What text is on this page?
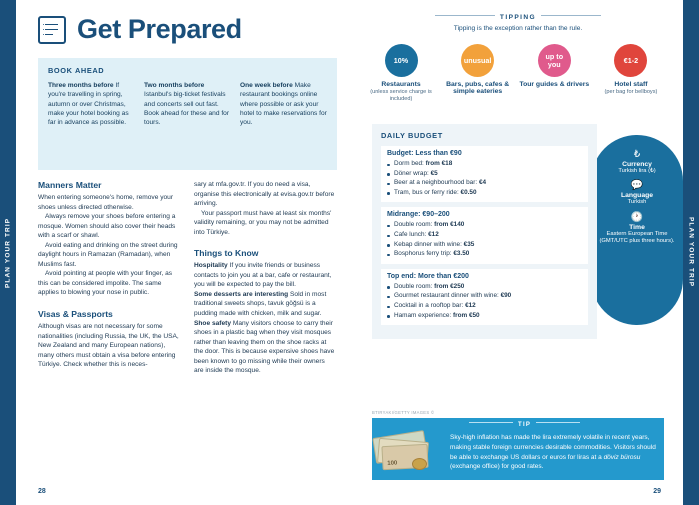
PLAN YOUR TRIP	PLAN YOUR TRIP
Get Prepared
BOOK AHEAD
Three months before If you're travelling in spring, autumn or over Christmas, make your hotel booking as far in advance as possible.
Two months before Istanbul's big-ticket festivals and concerts sell out fast. Book ahead for these and for tours.
One week before Make restaurant bookings online where possible or ask your hotel to make reservations for you.
Manners Matter

When entering someone's home, remove your shoes unless directed otherwise.

Always remove your shoes before entering a mosque. Women should also cover their heads with a scarf or shawl.

Avoid eating and drinking on the street during daylight hours in Ramazan (Ramadan), when Muslims fast.

Avoid pointing at people with your finger, as this can be considered impolite. The same applies to blowing your nose in public.

Visas & Passports

Although visas are not necessary for some nationalities (including Russia, the UK, the USA, New Zealand and many European nations), many others must obtain a visa before entering Türkiye. Check whether this is neces-

sary at mfa.gov.tr. If you do need a visa, organise this electronically at evisa.gov.tr before arriving.

Your passport must have at least six months' validity remaining, or you may not be admitted into Türkiye.

Things to Know

Hospitality If you invite friends or business contacts to join you at a bar, cafe or restaurant, you will be expected to pay the bill.

Some desserts are interesting Sold in most traditional sweets shops, tavuk göğsü is a pudding made with chicken, milk and sugar.

Shoe safety Many visitors choose to carry their shoes in a plastic bag when they visit mosques rather than leaving them on the shoe racks at the door. This is because expensive shoes have been known to go missing while their owners are inside the mosque.

28
TIPPING
Tipping is the exception rather than the rule.
10%
Restaurants
(unless service charge is included)
unusual
Bars, pubs, cafes & simple eateries
up to you
Tour guides & drivers
€1-2
Hotel staff
(per bag for bellboys)
₺
Currency
Turkish lira (₺)
💬
Language
Turkish
🕐
Time
Eastern European Time (GMT/UTC plus three hours).
DAILY BUDGET
Budget: Less than €90
Dorm bed: from €18
Döner wrap: €5
Beer at a neighbourhood bar: €4
Tram, bus or ferry ride: €0.50
Midrange: €90–200
Double room: from €140
Cafe lunch: €12
Kebap dinner with wine: €35
Bosphorus ferry trip: €3.50
Top end: More than €200
Double room: from €250
Gourmet restaurant dinner with wine: €90
Cocktail in a rooftop bar: €12
Hamam experience: from €50
BTIRYAKI/GETTY IMAGES ©
TIP
Sky-high inflation has made the lira extremely volatile in recent years, making stable foreign currencies desirable commodities. Visitors should be able to exchange US dollars or euros for liras at a döviz bürosu (exchange office) for good rates.
100
29
